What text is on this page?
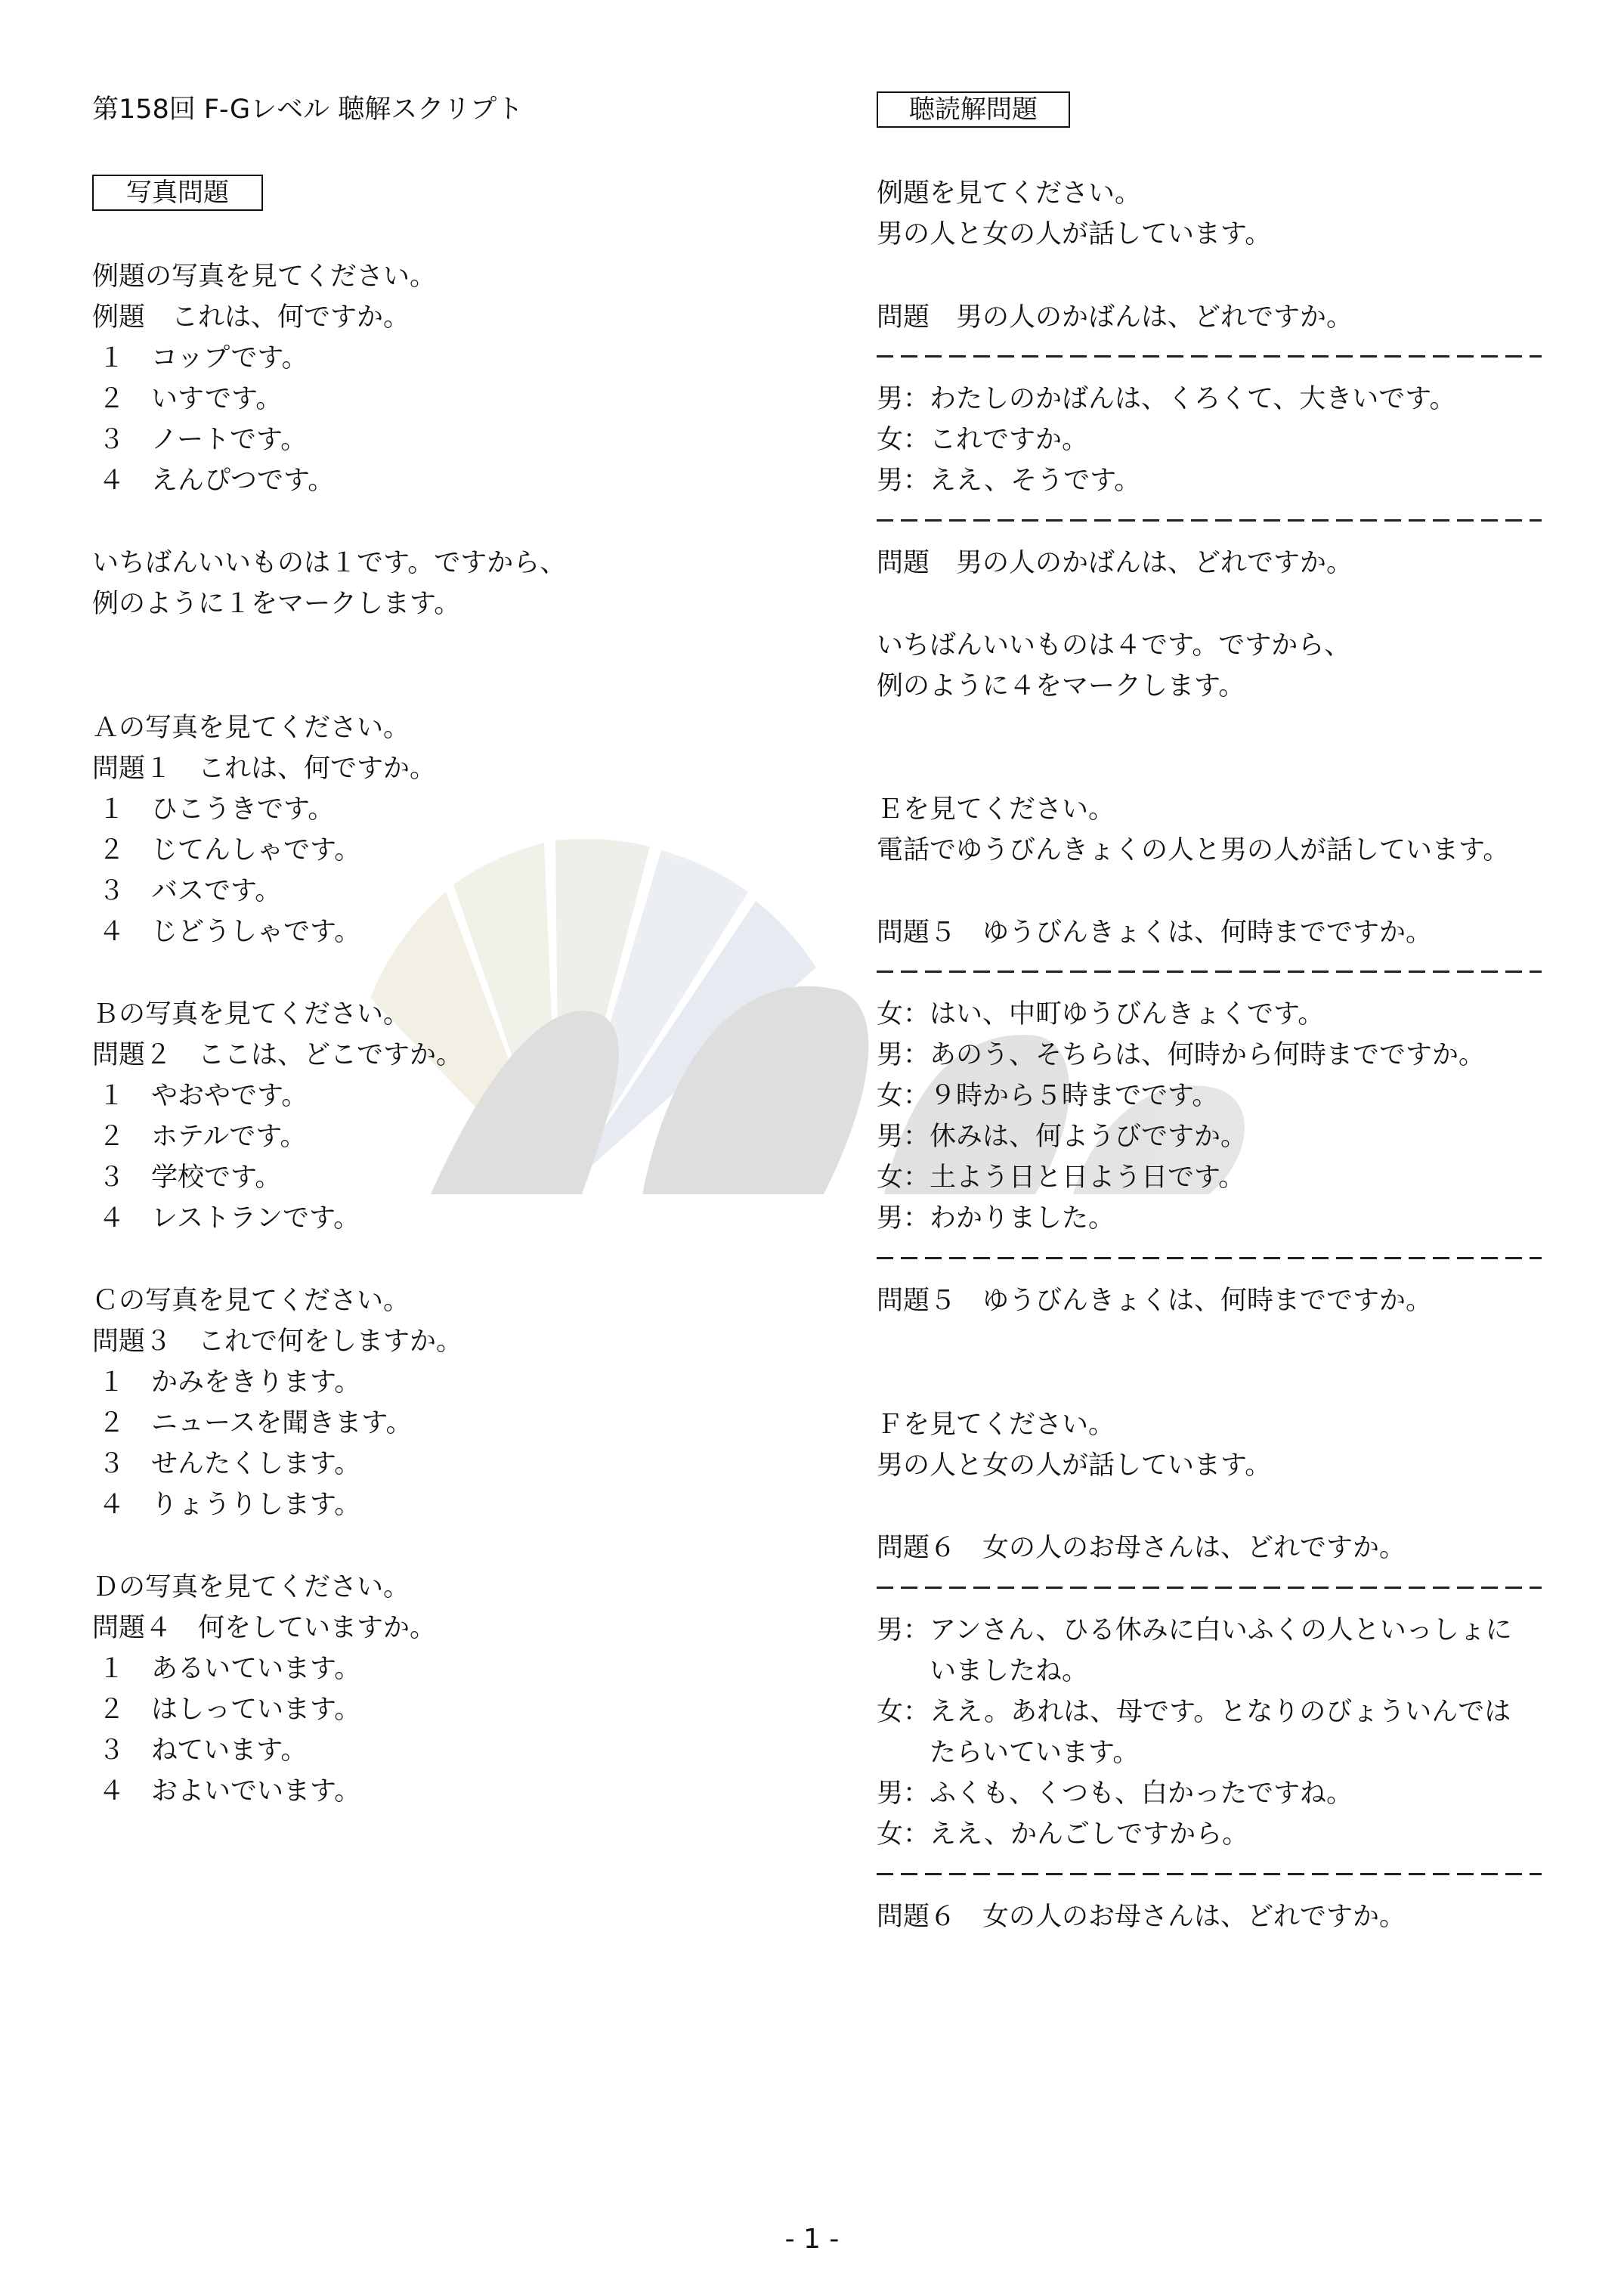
第158回 F-Gレベル 聴解スクリプト
写真問題
例題の写真を見てください。
例題　これは、何ですか。
１ コップです。
２ いすです。
３ ノートです。
４ えんぴつです。
いちばんいいものは１です。ですから、
例のように１をマークします。
Ａの写真を見てください。
問題１　これは、何ですか。
１ ひこうきです。
２ じてんしゃです。
３ バスです。
４ じどうしゃです。
Ｂの写真を見てください。
問題２　ここは、どこですか。
１ やおやです。
２ ホテルです。
３ 学校です。
４ レストランです。
Ｃの写真を見てください。
問題３　これで何をしますか。
１ かみをきります。
２ ニュースを聞きます。
３ せんたくします。
４ りょうりします。
Ｄの写真を見てください。
問題４　何をしていますか。
１ あるいています。
２ はしっています。
３ ねています。
４ およいでいます。
聴読解問題
例題を見てください。
男の人と女の人が話しています。
問題　男の人のかばんは、どれですか。
男：わたしのかばんは、くろくて、大きいです。
女：これですか。
男：ええ、そうです。
問題　男の人のかばんは、どれですか。
いちばんいいものは４です。ですから、
例のように４をマークします。
Ｅを見てください。
電話でゆうびんきょくの人と男の人が話しています。
問題５　ゆうびんきょくは、何時までですか。
女：はい、中町ゆうびんきょくです。
男：あのう、そちらは、何時から何時までですか。
女：９時から５時までです。
男：休みは、何ようびですか。
女：土よう日と日よう日です。
男：わかりました。
問題５　ゆうびんきょくは、何時までですか。
Ｆを見てください。
男の人と女の人が話しています。
問題６　女の人のお母さんは、どれですか。
男：アンさん、ひる休みに白いふくの人といっしょに
　　いましたね。
女：ええ。あれは、母です。となりのびょういんでは
　　たらいています。
男：ふくも、くつも、白かったですね。
女：ええ、かんごしですから。
問題６　女の人のお母さんは、どれですか。
- 1 -
